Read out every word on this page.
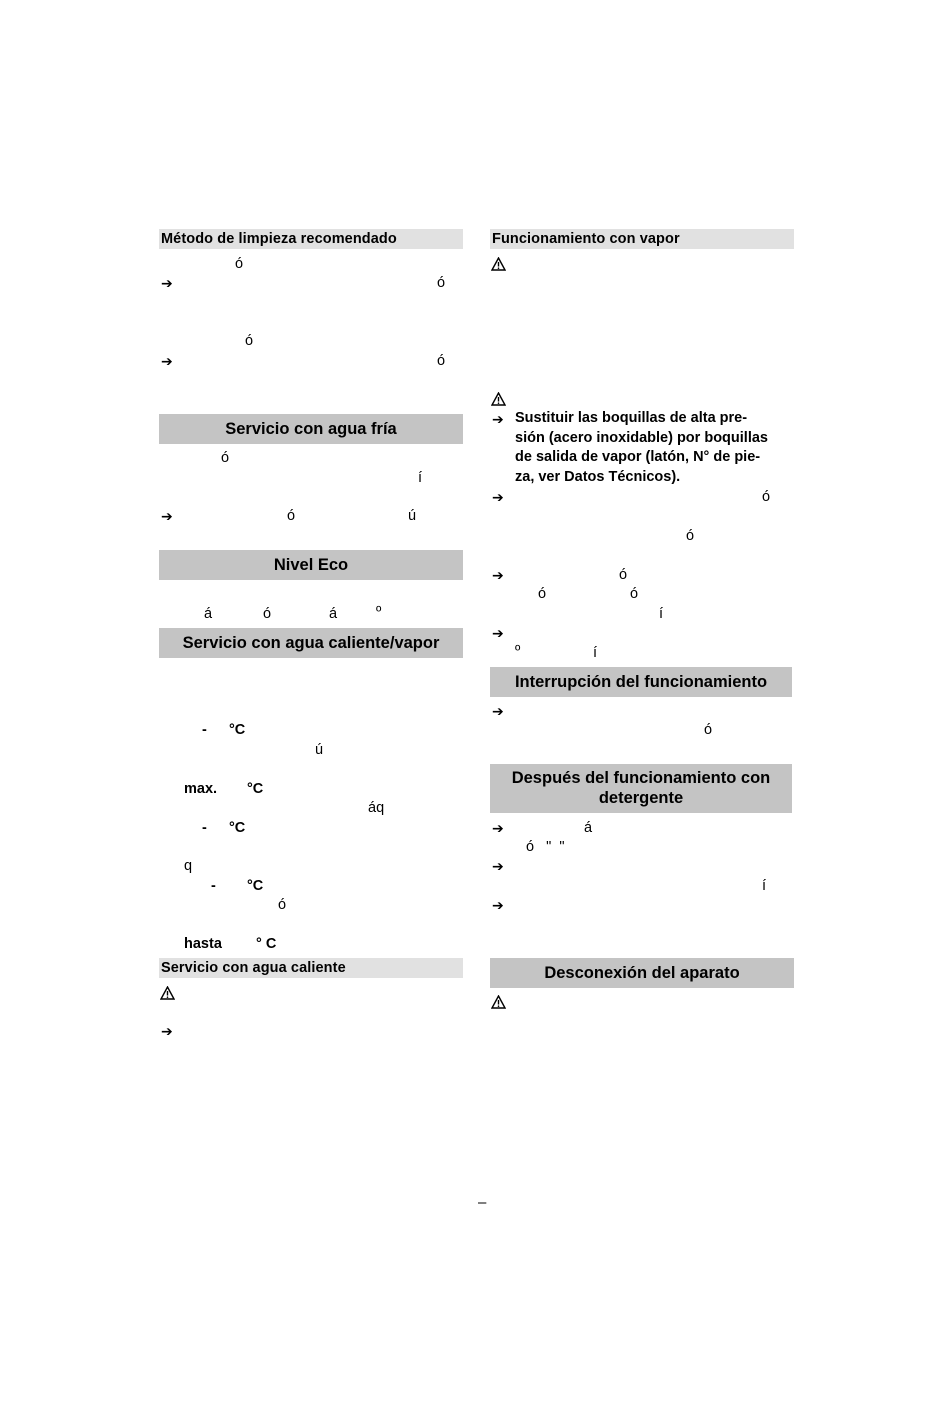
Método de limpieza recomendado
ó
➔	ó
ó
➔	ó
Servicio con agua fría
ó
í
➔	ó	ú
Nivel Eco
á	ó	á	º
Servicio con agua caliente/vapor
- °C
ú
max. °C
áq
- °C
q
- °C
ó
hasta ° C
Servicio con agua caliente
➔
Funcionamiento con vapor
➔ Sustituir las boquillas de alta pre-
sión (acero inoxidable) por boquillas
de salida de vapor (latón, N° de pie-
za, ver Datos Técnicos).
➔	ó
ó
➔	ó
ó	ó
í
➔
º	í
Interrupción del funcionamiento
➔
ó
Después del funcionamiento con
detergente
➔	á
ó   "  "
➔
í
➔
Desconexión del aparato
–
